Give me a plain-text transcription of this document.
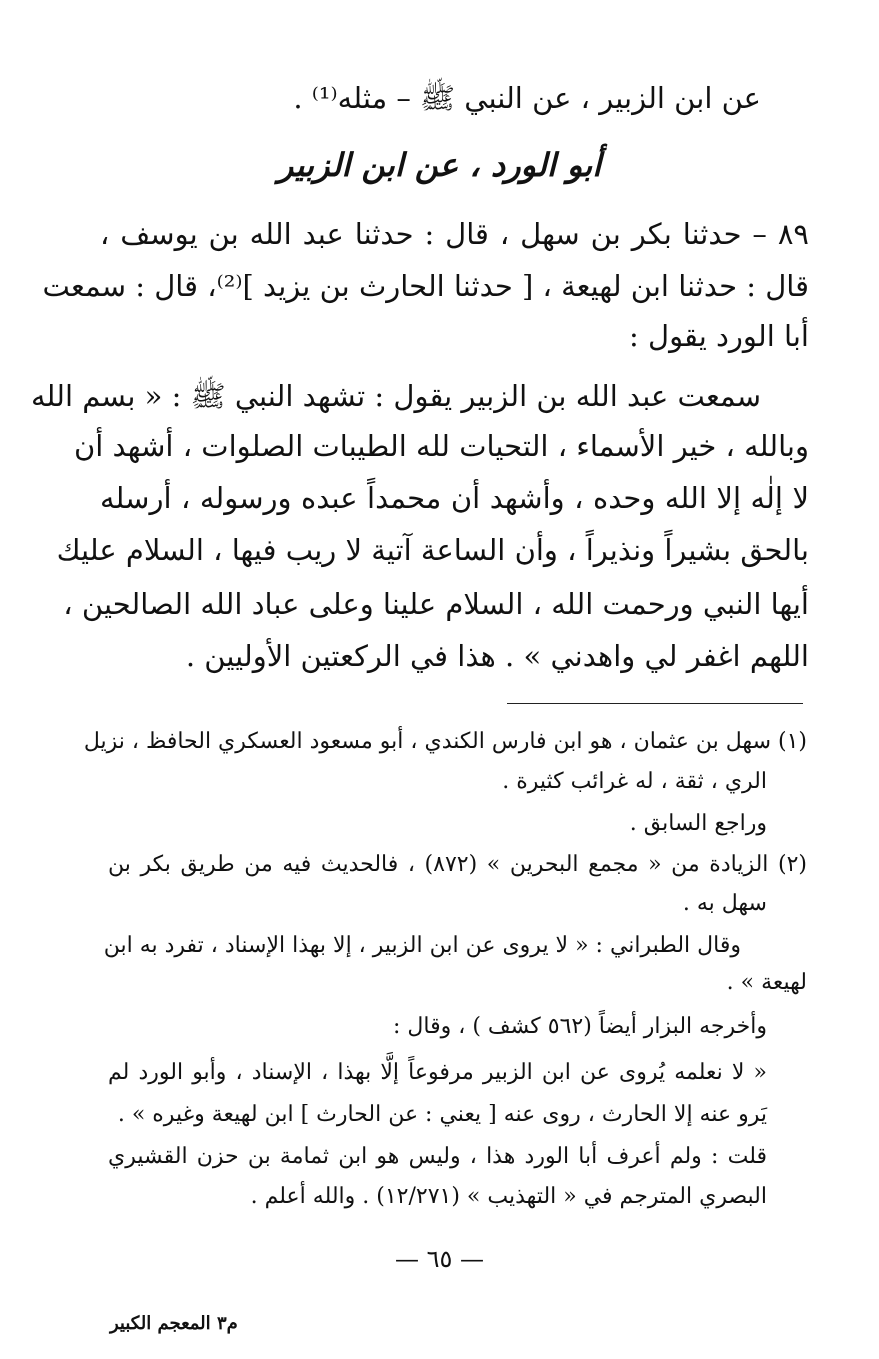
عن ابن الزبير ، عن النبي ﷺ – مثله⁽¹⁾ .
أبو الورد ، عن ابن الزبير
٨٩ – حدثنا بكر بن سهل ، قال : حدثنا عبد الله بن يوسف ،
قال : حدثنا ابن لهيعة ، [ حدثنا الحارث بن يزيد ]⁽²⁾، قال : سمعت
أبا الورد يقول :
سمعت عبد الله بن الزبير يقول : تشهد النبي ﷺ : « بسم الله
وبالله ، خير الأسماء ، التحيات لله الطيبات الصلوات ، أشهد أن
لا إلٰه إلا الله وحده ، وأشهد أن محمداً عبده ورسوله ، أرسله
بالحق بشيراً ونذيراً ، وأن الساعة آتية لا ريب فيها ، السلام عليك
أيها النبي ورحمت الله ، السلام علينا وعلى عباد الله الصالحين ،
اللهم اغفر لي واهدني » . هذا في الركعتين الأوليين .
(١) سهل بن عثمان ، هو ابن فارس الكندي ، أبو مسعود العسكري الحافظ ، نزيل
الري ، ثقة ، له غرائب كثيرة .
وراجع السابق .
(٢) الزيادة من « مجمع البحرين » (٨٧٢) ، فالحديث فيه من طريق بكر بن
سهل به .
وقال الطبراني : « لا يروى عن ابن الزبير ، إلا بهذا الإسناد ، تفرد به ابن
لهيعة » .
وأخرجه البزار أيضاً (٥٦٢ كشف ) ، وقال :
« لا نعلمه يُروى عن ابن الزبير مرفوعاً إلَّا بهذا ، الإسناد ، وأبو الورد لم
يَرو عنه إلا الحارث ، روى عنه [ يعني : عن الحارث ] ابن لهيعة وغيره » .
قلت : ولم أعرف أبا الورد هذا ، وليس هو ابن ثمامة بن حزن القشيري
البصري المترجم في « التهذيب » (١٢/٢٧١) . والله أعلم .
— ٦٥ —
م٣ المعجم الكبير
